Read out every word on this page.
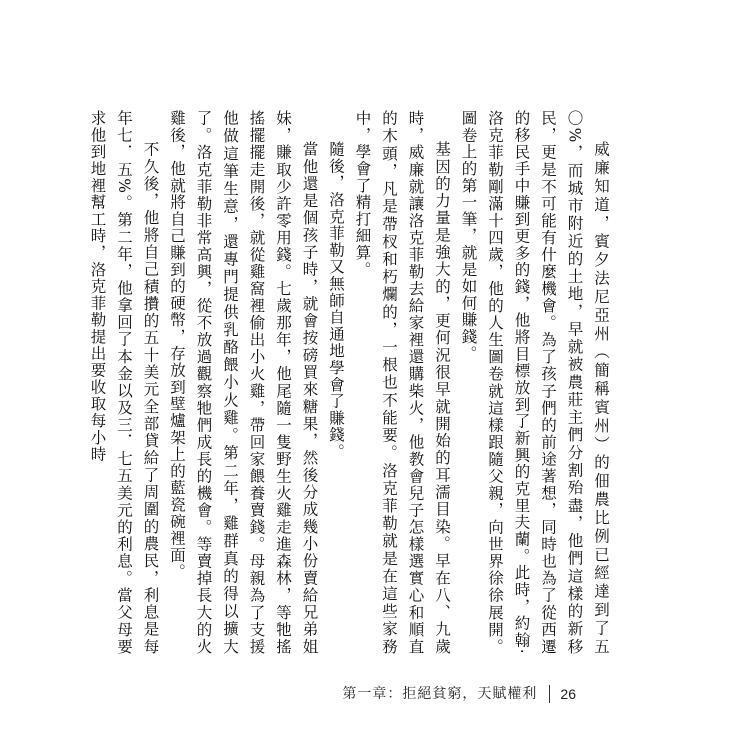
威廉知道，賓夕法尼亞州（簡稱賓州）的佃農比例已經達到了五〇%，而城市附近的土地，早就被農莊主們分割殆盡，他們這樣的新移民，更是不可能有什麼機會。為了孩子們的前途著想，同時也為了從西遷的移民手中賺到更多的錢，他將目標放到了新興的克里夫蘭。此時，約翰‧洛克菲勒剛滿十四歲，他的人生圖卷就這樣跟隨父親，向世界徐徐展開。圖卷上的第一筆，就是如何賺錢。

基因的力量是強大的，更何況很早就開始的耳濡目染。早在八、九歲時，威廉就讓洛克菲勒去給家裡還購柴火，他教會兒子怎樣選實心和順直的木頭，凡是帶杈和朽爛的，一根也不能要。洛克菲勒就是在這些家務中，學會了精打細算。

隨後，洛克菲勒又無師自通地學會了賺錢。

當他還是個孩子時，就會按磅買來糖果，然後分成幾小份賣給兄弟姐妹，賺取少許零用錢。七歲那年，他尾隨一隻野生火雞走進森林，等牠搖搖擺擺走開後，就從雞窩裡偷出小火雞，帶回家餵養賣錢。母親為了支援他做這筆生意，還專門提供乳酪餵小火雞。第二年，雞群真的得以擴大了。洛克菲勒非常高興，從不放過觀察牠們成長的機會。等賣掉長大的火雞後，他就將自己賺到的硬幣，存放到壁爐架上的藍瓷碗裡面。

不久後，他將自己積攢的五十美元全部貸給了周圍的農民，利息是每年七．五%。第二年，他拿回了本金以及三．七五美元的利息。當父母要求他到地裡幫工時，洛克菲勒提出要收取每小時

第一章：拒絕貧窮，天賦權利	26
